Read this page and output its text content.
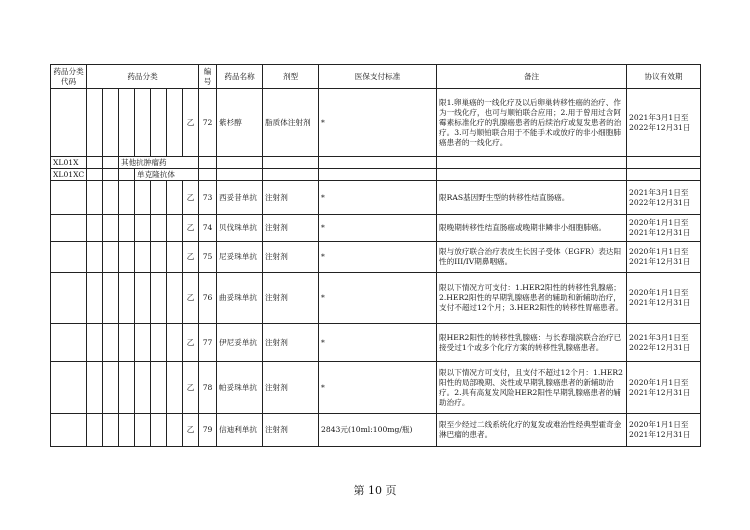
药品分类代码	药品分类							编号	药品名称	剂型	医保支付标准	备注	协议有效期
							乙	72	紫杉醇	脂质体注射剂	*	限1.卵巢癌的一线化疗及以后卵巢转移性癌的治疗、作为一线化疗，也可与顺铂联合应用；2.用于曾用过含阿霉素标准化疗的乳腺癌患者的后续治疗或复发患者的治疗。3.可与顺铂联合用于不能手术或放疗的非小细胞肺癌患者的一线化疗。	2021年3月1日至2022年12月31日
XL01X			其他抗肿瘤药										
XL01XC				单克隆抗体									
							乙	73	西妥昔单抗	注射剂	*	限RAS基因野生型的转移性结直肠癌。	2021年3月1日至2022年12月31日
							乙	74	贝伐珠单抗	注射剂	*	限晚期转移性结直肠癌或晚期非鳞非小细胞肺癌。	2020年1月1日至2021年12月31日
							乙	75	尼妥珠单抗	注射剂	*	限与放疗联合治疗表皮生长因子受体（EGFR）表达阳性的III/IV期鼻咽癌。	2020年1月1日至2021年12月31日
							乙	76	曲妥珠单抗	注射剂	*	限以下情况方可支付：1.HER2阳性的转移性乳腺癌；2.HER2阳性的早期乳腺癌患者的辅助和新辅助治疗，支付不超过12个月；3.HER2阳性的转移性胃癌患者。	2020年1月1日至2021年12月31日
							乙	77	伊尼妥单抗	注射剂	*	限HER2阳性的转移性乳腺癌：与长春瑞滨联合治疗已接受过1个或多个化疗方案的转移性乳腺癌患者。	2021年3月1日至2022年12月31日
							乙	78	帕妥珠单抗	注射剂	*	限以下情况方可支付，且支付不超过12个月：1.HER2阳性的局部晚期、炎性或早期乳腺癌患者的新辅助治疗。2.具有高复发风险HER2阳性早期乳腺癌患者的辅助治疗。	2020年1月1日至2021年12月31日
							乙	79	信迪利单抗	注射剂	2843元(10ml:100mg/瓶)	限至少经过二线系统化疗的复发或难治性经典型霍奇金淋巴瘤的患者。	2020年1月1日至2021年12月31日
第 10 页
